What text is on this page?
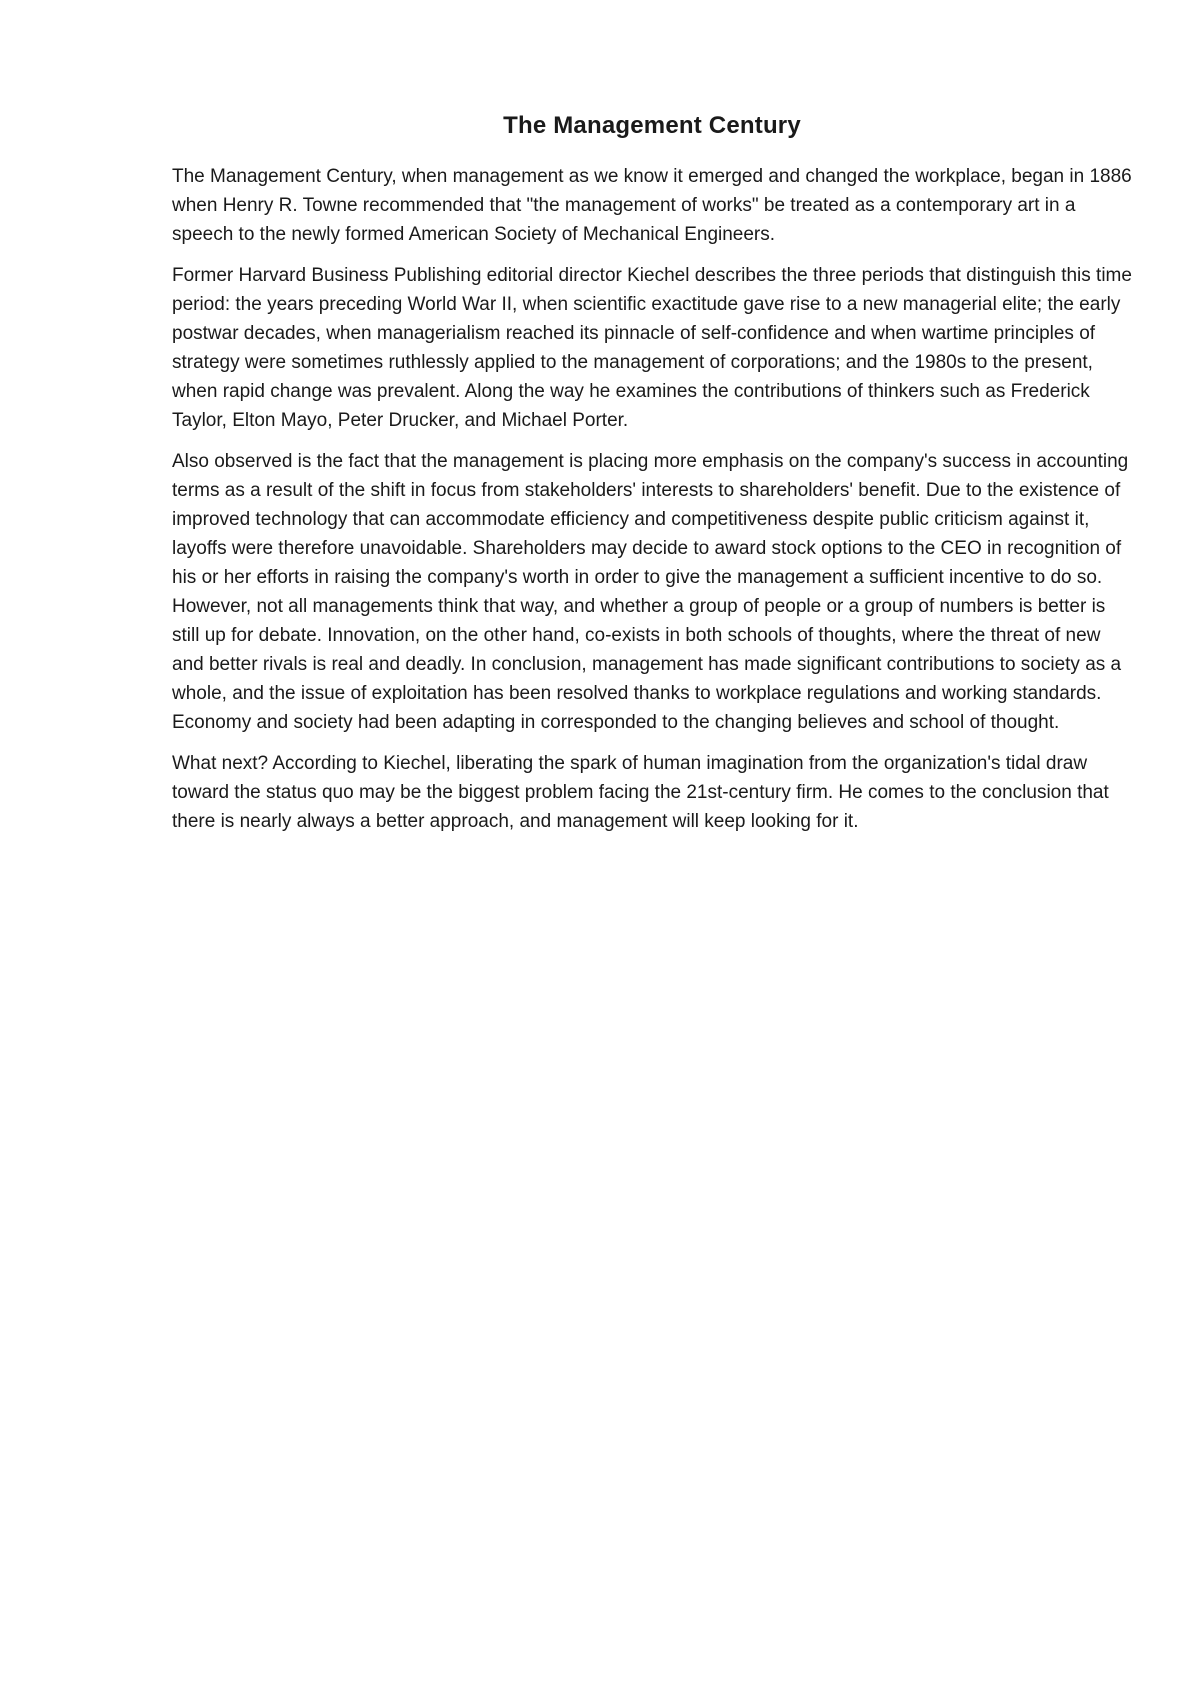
The Management Century

The Management Century, when management as we know it emerged and changed the workplace, began in 1886 when Henry R. Towne recommended that "the management of works" be treated as a contemporary art in a speech to the newly formed American Society of Mechanical Engineers.

Former Harvard Business Publishing editorial director Kiechel describes the three periods that distinguish this time period: the years preceding World War II, when scientific exactitude gave rise to a new managerial elite; the early postwar decades, when managerialism reached its pinnacle of self-confidence and when wartime principles of strategy were sometimes ruthlessly applied to the management of corporations; and the 1980s to the present, when rapid change was prevalent. Along the way he examines the contributions of thinkers such as Frederick Taylor, Elton Mayo, Peter Drucker, and Michael Porter.

Also observed is the fact that the management is placing more emphasis on the company's success in accounting terms as a result of the shift in focus from stakeholders' interests to shareholders' benefit. Due to the existence of improved technology that can accommodate efficiency and competitiveness despite public criticism against it, layoffs were therefore unavoidable. Shareholders may decide to award stock options to the CEO in recognition of his or her efforts in raising the company's worth in order to give the management a sufficient incentive to do so. However, not all managements think that way, and whether a group of people or a group of numbers is better is still up for debate. Innovation, on the other hand, co-exists in both schools of thoughts, where the threat of new and better rivals is real and deadly. In conclusion, management has made significant contributions to society as a whole, and the issue of exploitation has been resolved thanks to workplace regulations and working standards. Economy and society had been adapting in corresponded to the changing believes and school of thought.

What next? According to Kiechel, liberating the spark of human imagination from the organization's tidal draw toward the status quo may be the biggest problem facing the 21st-century firm. He comes to the conclusion that there is nearly always a better approach, and management will keep looking for it.
